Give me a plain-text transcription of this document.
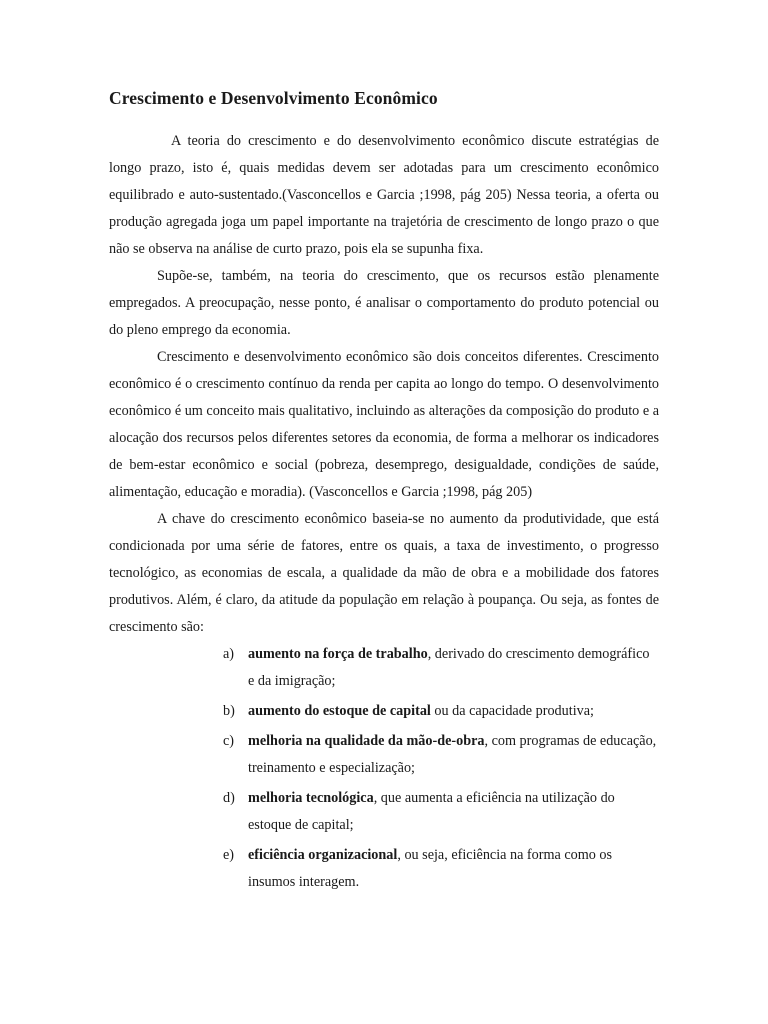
Crescimento e Desenvolvimento Econômico

A teoria do crescimento e do desenvolvimento econômico discute estratégias de longo prazo, isto é, quais medidas devem ser adotadas para um crescimento econômico equilibrado e auto-sustentado.(Vasconcellos e Garcia ;1998, pág 205) Nessa teoria, a oferta ou produção agregada joga um papel importante na trajetória de crescimento de longo prazo o que não se observa na análise de curto prazo, pois ela se supunha fixa.

Supõe-se, também, na teoria do crescimento, que os recursos estão plenamente empregados. A preocupação, nesse ponto, é analisar o comportamento do produto potencial ou do pleno emprego da economia.

Crescimento e desenvolvimento econômico são dois conceitos diferentes. Crescimento econômico é o crescimento contínuo da renda per capita ao longo do tempo. O desenvolvimento econômico é um conceito mais qualitativo, incluindo as alterações da composição do produto e a alocação dos recursos pelos diferentes setores da economia, de forma a melhorar os indicadores de bem-estar econômico e social (pobreza, desemprego, desigualdade, condições de saúde, alimentação, educação e moradia). (Vasconcellos e Garcia ;1998, pág 205)

A chave do crescimento econômico baseia-se no aumento da produtividade, que está condicionada por uma série de fatores, entre os quais, a taxa de investimento, o progresso tecnológico, as economias de escala, a qualidade da mão de obra e a mobilidade dos fatores produtivos. Além, é claro, da atitude da população em relação à poupança. Ou seja, as fontes de crescimento são:

a) aumento na força de trabalho, derivado do crescimento demográfico e da imigração;
b) aumento do estoque de capital ou da capacidade produtiva;
c) melhoria na qualidade da mão-de-obra, com programas de educação, treinamento e especialização;
d) melhoria tecnológica, que aumenta a eficiência na utilização do estoque de capital;
e) eficiência organizacional, ou seja, eficiência na forma como os insumos interagem.
